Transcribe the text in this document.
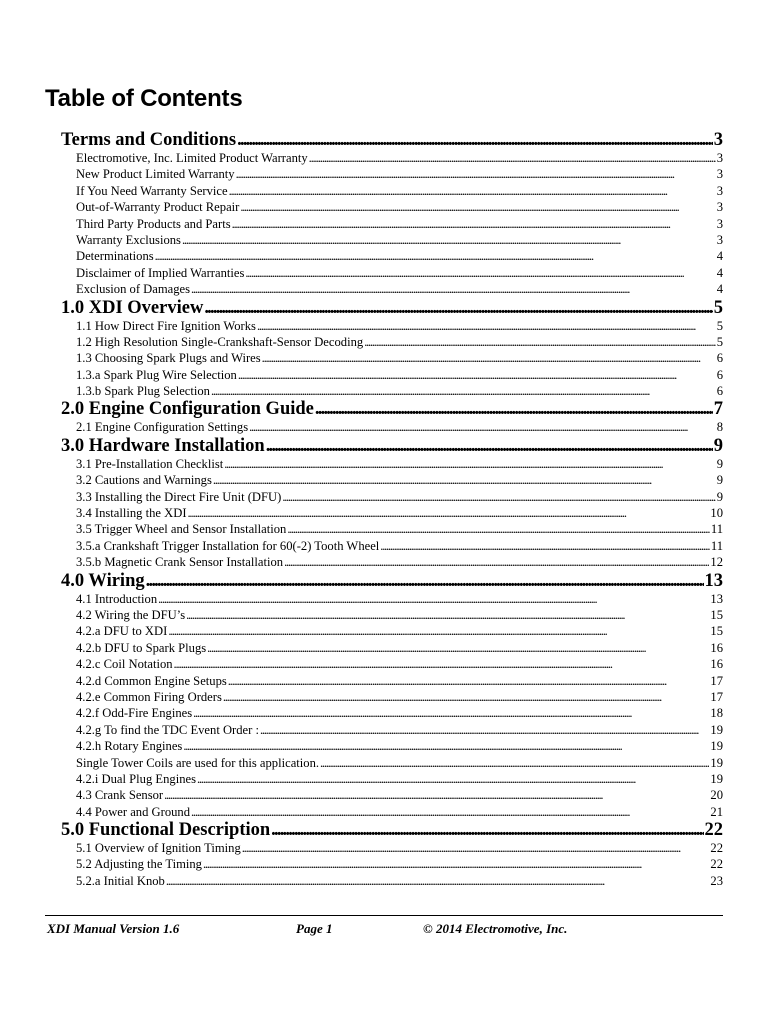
Table of Contents
Terms and Conditions . . .	3
Electromotive, Inc. Limited Product Warranty . . .	3
New Product Limited Warranty . . .	3
If You Need Warranty Service . . .	3
Out-of-Warranty Product Repair . . .	3
Third Party Products and Parts . . .	3
Warranty Exclusions . . .	3
Determinations . . .	4
Disclaimer of Implied Warranties . . .	4
Exclusion of Damages . . .	4
1.0 XDI Overview . . .	5
1.1 How Direct Fire Ignition Works . . .	5
1.2 High Resolution Single-Crankshaft-Sensor Decoding . . .	5
1.3 Choosing Spark Plugs and Wires . . .	6
1.3.a Spark Plug Wire Selection . . .	6
1.3.b Spark Plug Selection . . .	6
2.0 Engine Configuration Guide . . .	7
2.1 Engine Configuration Settings . . .	8
3.0 Hardware Installation . . .	9
3.1 Pre-Installation Checklist . . .	9
3.2 Cautions and Warnings . . .	9
3.3 Installing the Direct Fire Unit (DFU) . . .	9
3.4 Installing the XDI . . .	10
3.5 Trigger Wheel and Sensor Installation . . .	11
3.5.a Crankshaft Trigger Installation for 60(-2) Tooth Wheel . . .	11
3.5.b Magnetic Crank Sensor Installation . . .	12
4.0 Wiring . . .	13
4.1 Introduction . . .	13
4.2 Wiring the DFU’s . . .	15
4.2.a DFU to XDI . . .	15
4.2.b DFU to Spark Plugs . . .	16
4.2.c Coil Notation . . .	16
4.2.d Common Engine Setups . . .	17
4.2.e Common Firing Orders . . .	17
4.2.f Odd-Fire Engines . . .	18
4.2.g To find the TDC Event Order : . . .	19
4.2.h Rotary Engines . . .	19
Single Tower Coils are used for this application. . . .	19
4.2.i Dual Plug Engines . . .	19
4.3 Crank Sensor . . .	20
4.4 Power and Ground . . .	21
5.0 Functional Description . . .	22
5.1 Overview of Ignition Timing . . .	22
5.2 Adjusting the Timing . . .	22
5.2.a Initial Knob . . .	23
XDI Manual Version 1.6	Page 1	© 2014 Electromotive, Inc.
